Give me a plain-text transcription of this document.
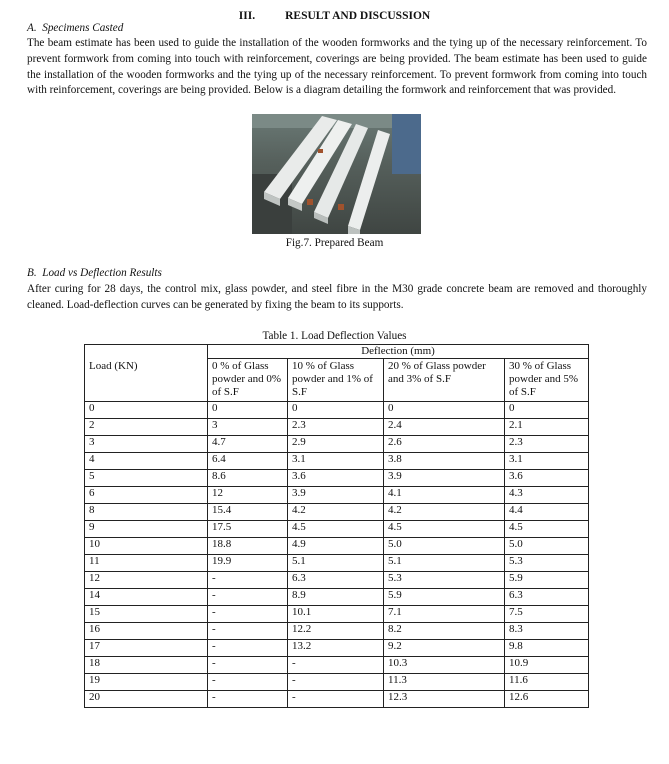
III.	RESULT AND DISCUSSION
A. Specimens Casted
The beam estimate has been used to guide the installation of the wooden formworks and the tying up of the necessary reinforcement. To prevent formwork from coming into touch with reinforcement, coverings are being provided. The beam estimate has been used to guide the installation of the wooden formworks and the tying up of the necessary reinforcement. To prevent formwork from coming into touch with reinforcement, coverings are being provided. Below is a diagram detailing the formwork and reinforcement that was provided.
Fig.7. Prepared Beam
B. Load vs Deflection Results
After curing for 28 days, the control mix, glass powder, and steel fibre in the M30 grade concrete beam are removed and thoroughly cleaned. Load-deflection curves can be generated by fixing the beam to its supports.
Table 1. Load Deflection Values
Load (KN)	Deflection (mm)			
	0 % of Glass powder and 0% of S.F	10 % of Glass powder and 1% of S.F	20 % of Glass powder and 3% of S.F	30 % of Glass powder and 5% of S.F
0	0	0	0	0
2	3	2.3	2.4	2.1
3	4.7	2.9	2.6	2.3
4	6.4	3.1	3.8	3.1
5	8.6	3.6	3.9	3.6
6	12	3.9	4.1	4.3
8	15.4	4.2	4.2	4.4
9	17.5	4.5	4.5	4.5
10	18.8	4.9	5.0	5.0
11	19.9	5.1	5.1	5.3
12	-	6.3	5.3	5.9
14	-	8.9	5.9	6.3
15	-	10.1	7.1	7.5
16	-	12.2	8.2	8.3
17	-	13.2	9.2	9.8
18	-	-	10.3	10.9
19	-	-	11.3	11.6
20	-	-	12.3	12.6
